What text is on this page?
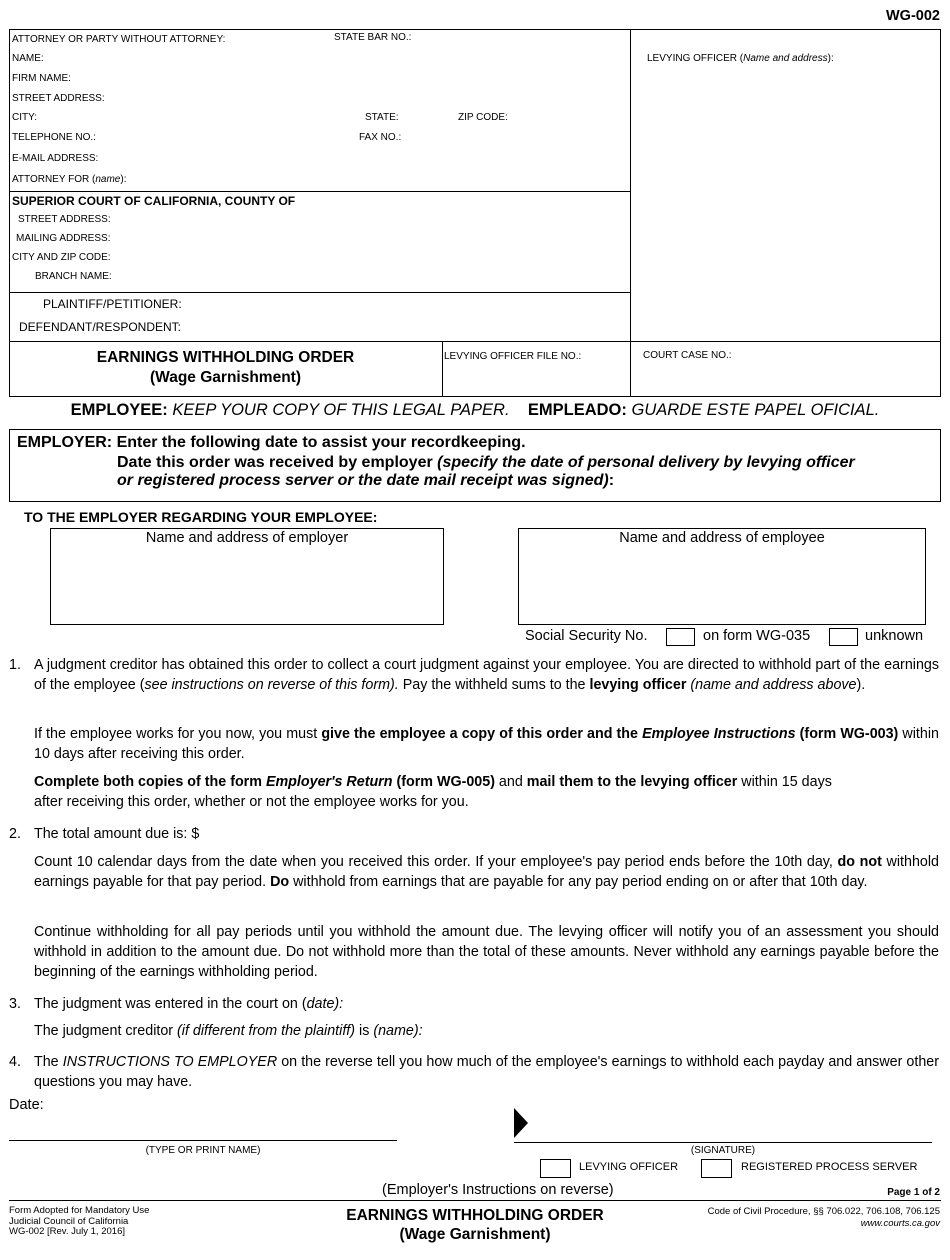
WG-002
ATTORNEY OR PARTY WITHOUT ATTORNEY:	STATE BAR NO.:
NAME:
FIRM NAME:
STREET ADDRESS:
CITY:	STATE:	ZIP CODE:
TELEPHONE NO.:	FAX NO.:
E-MAIL ADDRESS:
ATTORNEY FOR (name):
LEVYING OFFICER (Name and address):
SUPERIOR COURT OF CALIFORNIA, COUNTY OF
STREET ADDRESS:
MAILING ADDRESS:
CITY AND ZIP CODE:
BRANCH NAME:
PLAINTIFF/PETITIONER:
DEFENDANT/RESPONDENT:
EARNINGS WITHHOLDING ORDER
(Wage Garnishment)
LEVYING OFFICER FILE NO.:	COURT CASE NO.:
EMPLOYEE: KEEP YOUR COPY OF THIS LEGAL PAPER. EMPLEADO: GUARDE ESTE PAPEL OFICIAL.
EMPLOYER: Enter the following date to assist your recordkeeping.
Date this order was received by employer (specify the date of personal delivery by levying officer
or registered process server or the date mail receipt was signed):
TO THE EMPLOYER REGARDING YOUR EMPLOYEE:
Name and address of employer	Name and address of employee
Social Security No.	on form WG-035	unknown
1. A judgment creditor has obtained this order to collect a court judgment against your employee. You are directed to withhold part of the earnings of the employee (see instructions on reverse of this form). Pay the withheld sums to the levying officer (name and address above).
If the employee works for you now, you must give the employee a copy of this order and the Employee Instructions (form WG-003) within 10 days after receiving this order.
Complete both copies of the form Employer's Return (form WG-005) and mail them to the levying officer within 15 days
after receiving this order, whether or not the employee works for you.
2. The total amount due is: $
Count 10 calendar days from the date when you received this order. If your employee's pay period ends before the 10th day, do not withhold earnings payable for that pay period. Do withhold from earnings that are payable for any pay period ending on or after that 10th day.
Continue withholding for all pay periods until you withhold the amount due. The levying officer will notify you of an assessment you should withhold in addition to the amount due. Do not withhold more than the total of these amounts. Never withhold any earnings payable before the beginning of the earnings withholding period.
3. The judgment was entered in the court on (date):
The judgment creditor (if different from the plaintiff) is (name):
4. The INSTRUCTIONS TO EMPLOYER on the reverse tell you how much of the employee's earnings to withhold each payday and answer other questions you may have.
Date:
(TYPE OR PRINT NAME)	(SIGNATURE)
LEVYING OFFICER	REGISTERED PROCESS SERVER
(Employer's Instructions on reverse)	Page 1 of 2
Form Adopted for Mandatory Use
Judicial Council of California
WG-002 [Rev. July 1, 2016]
EARNINGS WITHHOLDING ORDER
(Wage Garnishment)
Code of Civil Procedure, §§ 706.022, 706.108, 706.125
www.courts.ca.gov
